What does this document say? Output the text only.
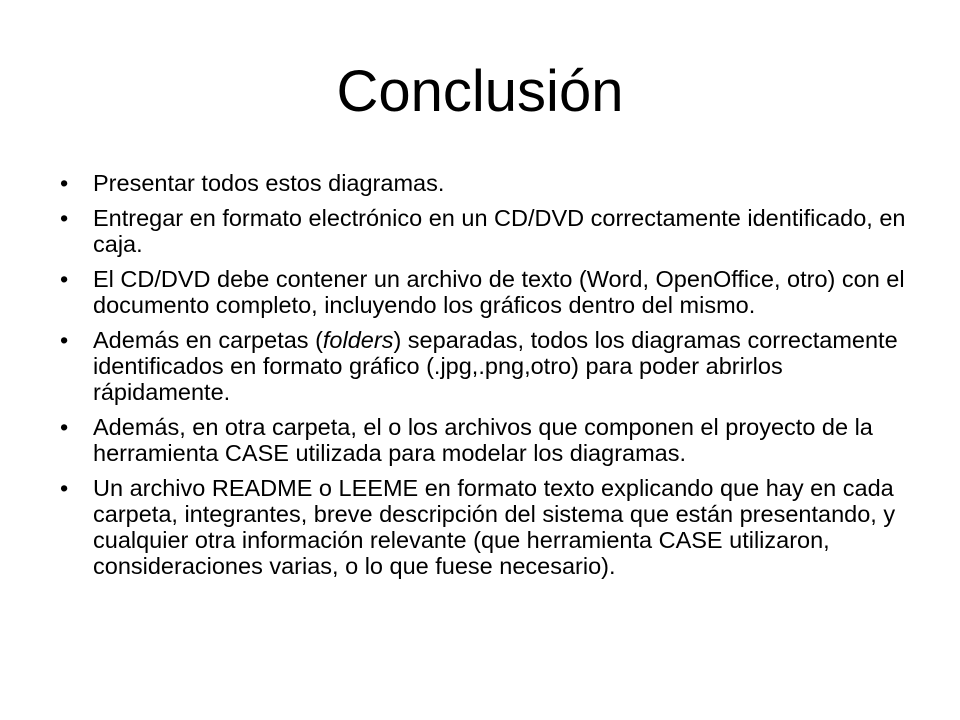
Conclusión
•	Presentar todos estos diagramas.
•	Entregar en formato electrónico en un CD/DVD correctamente identificado, en caja.
•	El CD/DVD debe contener un archivo de texto (Word, OpenOffice, otro) con el documento completo, incluyendo los gráficos dentro del mismo.
•	Además en carpetas (folders) separadas, todos los diagramas correctamente identificados en formato gráfico (.jpg,.png,otro) para poder abrirlos rápidamente.
•	Además, en otra carpeta, el o los archivos que componen el proyecto de la herramienta CASE utilizada para modelar los diagramas.
•	Un archivo README o LEEME en formato texto explicando que hay en cada carpeta, integrantes, breve descripción del sistema que están presentando, y cualquier otra información relevante (que herramienta CASE utilizaron, consideraciones varias, o lo que fuese necesario).
